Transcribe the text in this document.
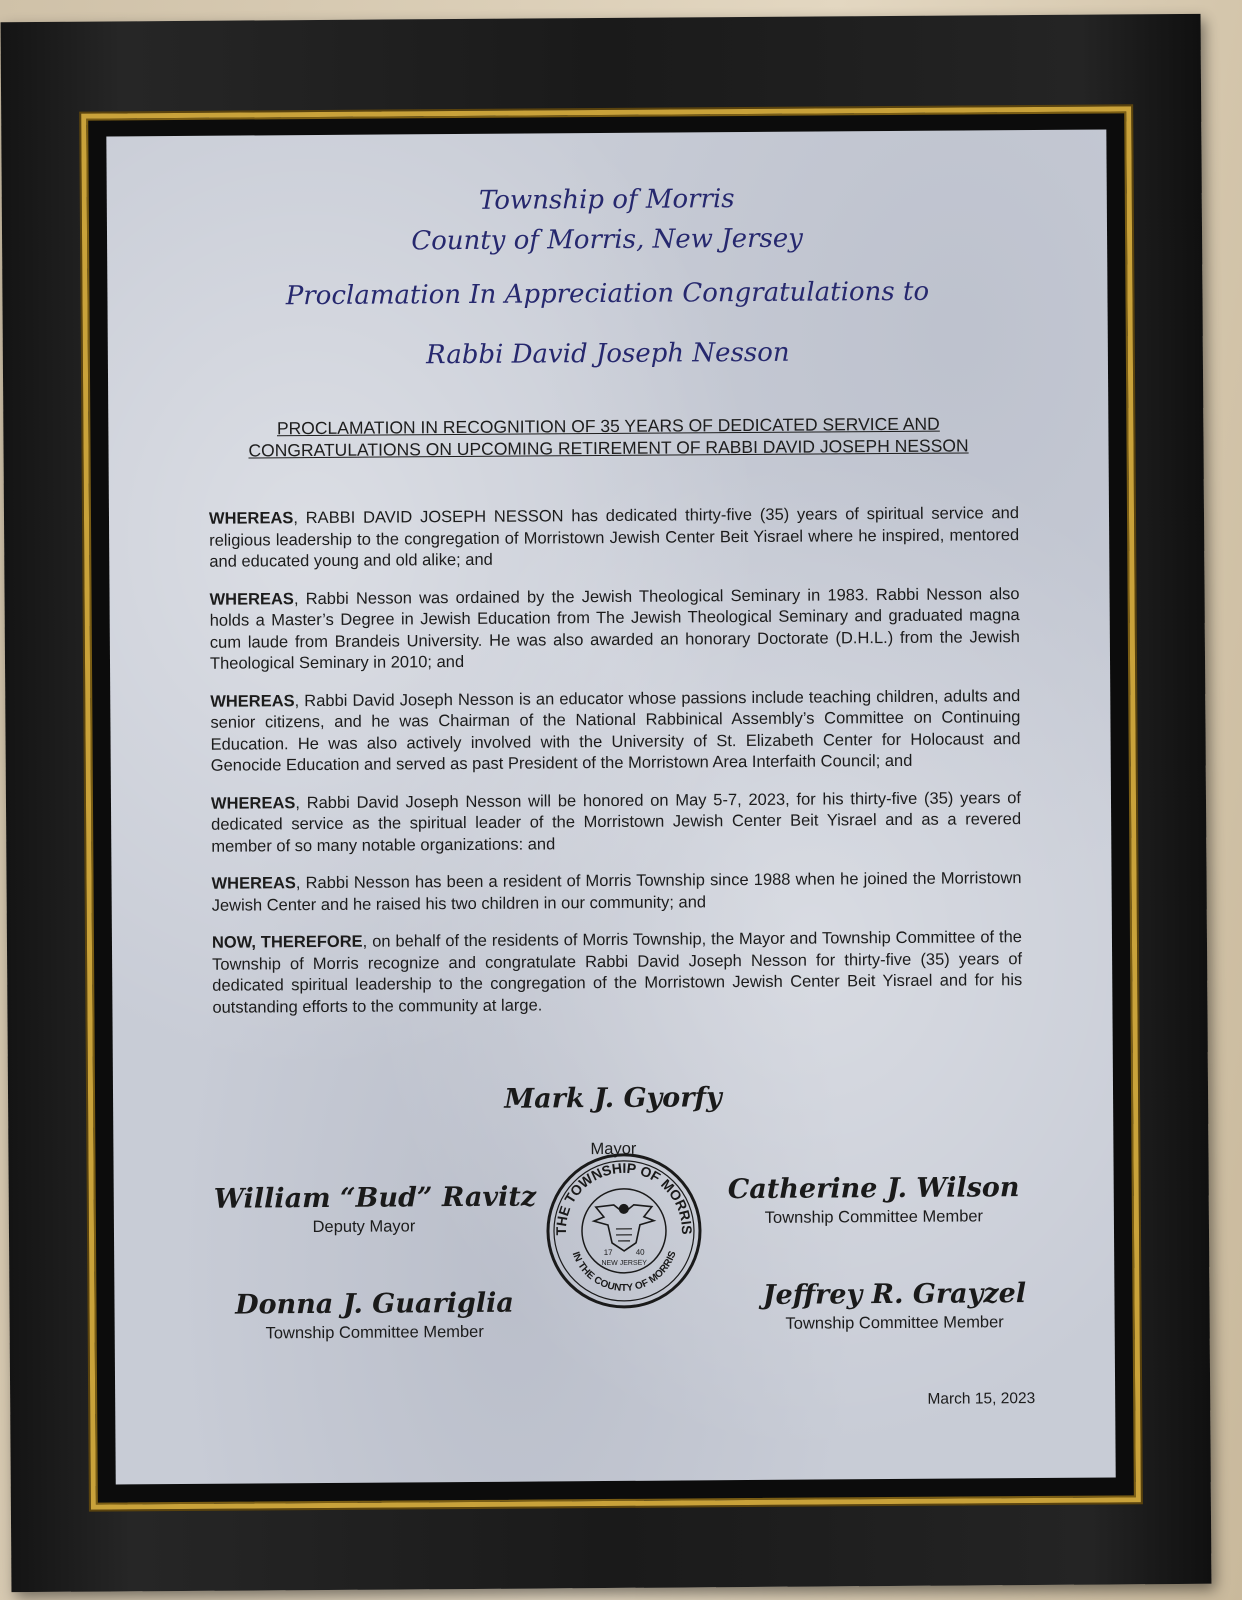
Township of Morris
County of Morris, New Jersey
Proclamation In Appreciation Congratulations to
Rabbi David Joseph Nesson
PROCLAMATION IN RECOGNITION OF 35 YEARS OF DEDICATED SERVICE AND
CONGRATULATIONS ON UPCOMING RETIREMENT OF RABBI DAVID JOSEPH NESSON

WHEREAS, RABBI DAVID JOSEPH NESSON has dedicated thirty-five (35) years of spiritual service and religious leadership to the congregation of Morristown Jewish Center Beit Yisrael where he inspired, mentored and educated young and old alike; and

WHEREAS, Rabbi Nesson was ordained by the Jewish Theological Seminary in 1983. Rabbi Nesson also holds a Master’s Degree in Jewish Education from The Jewish Theological Seminary and graduated magna cum laude from Brandeis University. He was also awarded an honorary Doctorate (D.H.L.) from the Jewish Theological Seminary in 2010; and

WHEREAS, Rabbi David Joseph Nesson is an educator whose passions include teaching children, adults and senior citizens, and he was Chairman of the National Rabbinical Assembly’s Committee on Continuing Education. He was also actively involved with the University of St. Elizabeth Center for Holocaust and Genocide Education and served as past President of the Morristown Area Interfaith Council; and

WHEREAS, Rabbi David Joseph Nesson will be honored on May 5-7, 2023, for his thirty-five (35) years of dedicated service as the spiritual leader of the Morristown Jewish Center Beit Yisrael and as a revered member of so many notable organizations: and

WHEREAS, Rabbi Nesson has been a resident of Morris Township since 1988 when he joined the Morristown Jewish Center and he raised his two children in our community; and

NOW, THEREFORE, on behalf of the residents of Morris Township, the Mayor and Township Committee of the Township of Morris recognize and congratulate Rabbi David Joseph Nesson for thirty-five (35) years of dedicated spiritual leadership to the congregation of the Morristown Jewish Center Beit Yisrael and for his outstanding efforts to the community at large.

Mark J. Gyorfy
Mayor
William “Bud” Ravitz
Deputy Mayor
Catherine J. Wilson
Township Committee Member
Donna J. Guariglia
Township Committee Member
Jeffrey R. Grayzel
Township Committee Member
THE TOWNSHIP OF MORRIS
IN THE COUNTY OF MORRIS
17	40
NEW JERSEY
March 15, 2023
